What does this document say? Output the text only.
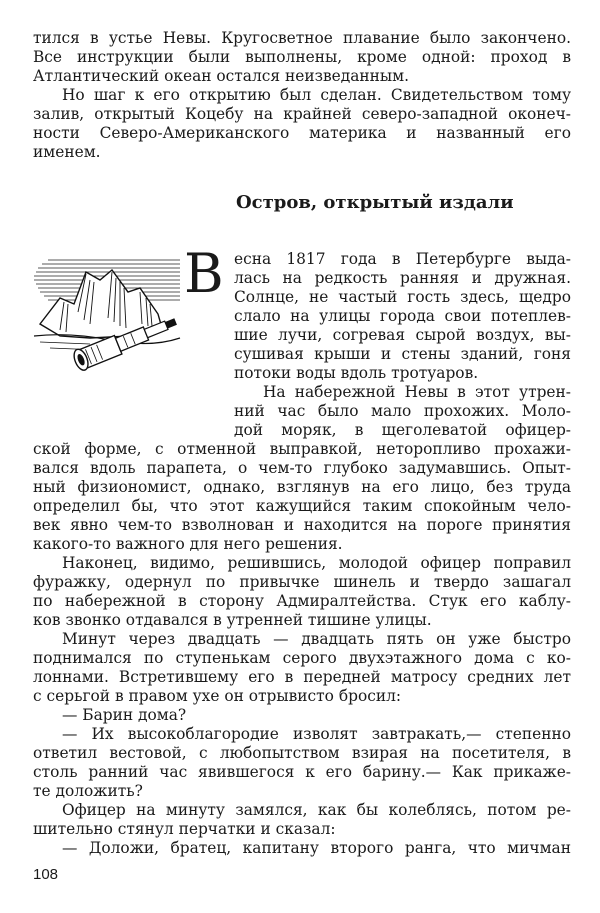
тился в устье Невы. Кругосветное плавание было закончено.
Все инструкции были выполнены, кроме одной: проход в
Атлантический океан остался неизведанным.
Но шаг к его открытию был сделан. Свидетельством тому
залив, открытый Коцебу на крайней северо-западной оконеч-
ности Северо-Американского материка и названный его
именем.
Остров, открытый издали
В есна 1817 года в Петербурге выда-
лась на редкость ранняя и дружная.
Солнце, не частый гость здесь, щедро
слало на улицы города свои потеплев-
шие лучи, согревая сырой воздух, вы-
сушивая крыши и стены зданий, гоня
потоки воды вдоль тротуаров.
На набережной Невы в этот утрен-
ний час было мало прохожих. Моло-
дой моряк, в щеголеватой офицер-
ской форме, с отменной выправкой, неторопливо прохажи-
вался вдоль парапета, о чем-то глубоко задумавшись. Опыт-
ный физиономист, однако, взглянув на его лицо, без труда
определил бы, что этот кажущийся таким спокойным чело-
век явно чем-то взволнован и находится на пороге принятия
какого-то важного для него решения.
Наконец, видимо, решившись, молодой офицер поправил
фуражку, одернул по привычке шинель и твердо зашагал
по набережной в сторону Адмиралтейства. Стук его каблу-
ков звонко отдавался в утренней тишине улицы.
Минут через двадцать — двадцать пять он уже быстро
поднимался по ступенькам серого двухэтажного дома с ко-
лоннами. Встретившему его в передней матросу средних лет
с серьгой в правом ухе он отрывисто бросил:
— Барин дома?
— Их высокоблагородие изволят завтракать,— степенно
ответил вестовой, с любопытством взирая на посетителя, в
столь ранний час явившегося к его барину.— Как прикаже-
те доложить?
Офицер на минуту замялся, как бы колеблясь, потом ре-
шительно стянул перчатки и сказал:
— Доложи, братец, капитану второго ранга, что мичман
108
